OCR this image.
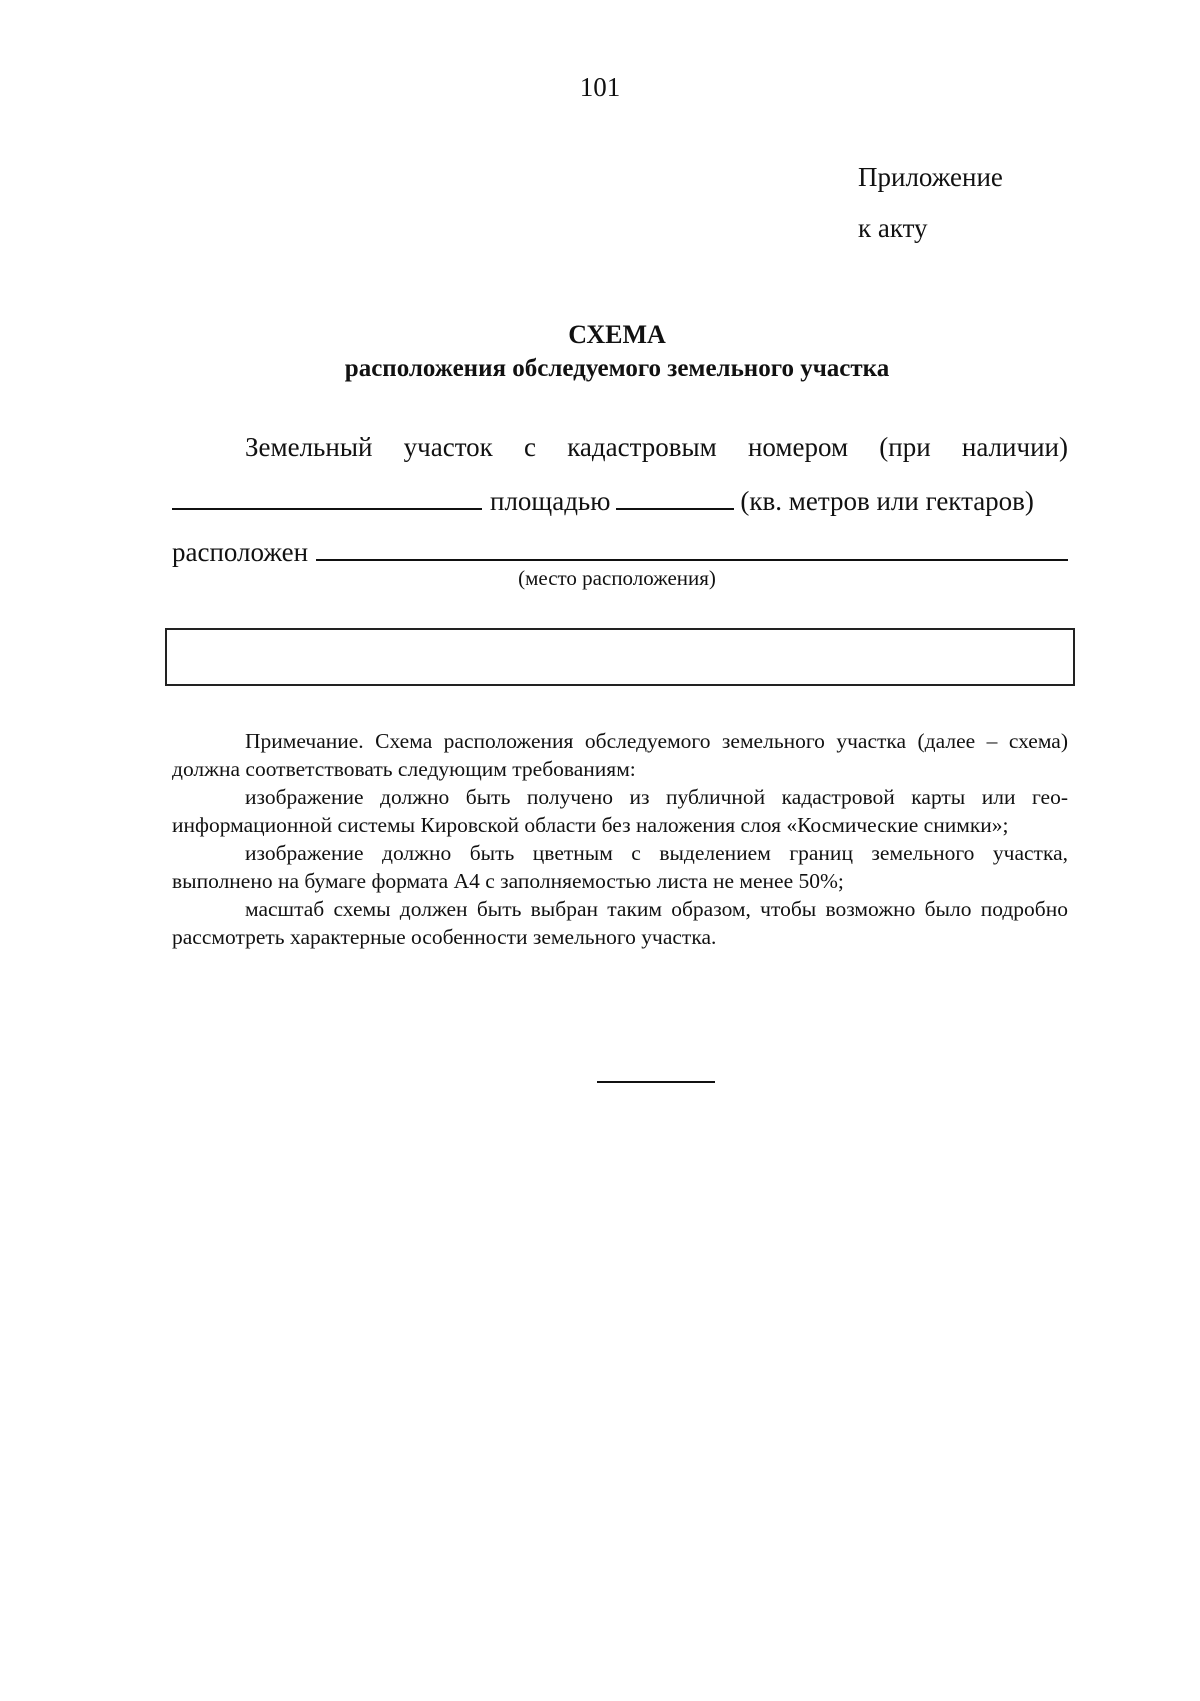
101
Приложение
к акту
СХЕМА
расположения обследуемого земельного участка
Земельный участок с кадастровым номером (при наличии)
площадью	(кв. метров или гектаров)
расположен
(место расположения)

Примечание. Схема расположения обследуемого земельного участка (далее – схема) должна соответствовать следующим требованиям:

изображение должно быть получено из публичной кадастровой карты или гео-информационной системы Кировской области без наложения слоя «Космические снимки»;

изображение должно быть цветным с выделением границ земельного участка, выполнено на бумаге формата А4 с заполняемостью листа не менее 50%;

масштаб схемы должен быть выбран таким образом, чтобы возможно было подробно рассмотреть характерные особенности земельного участка.
